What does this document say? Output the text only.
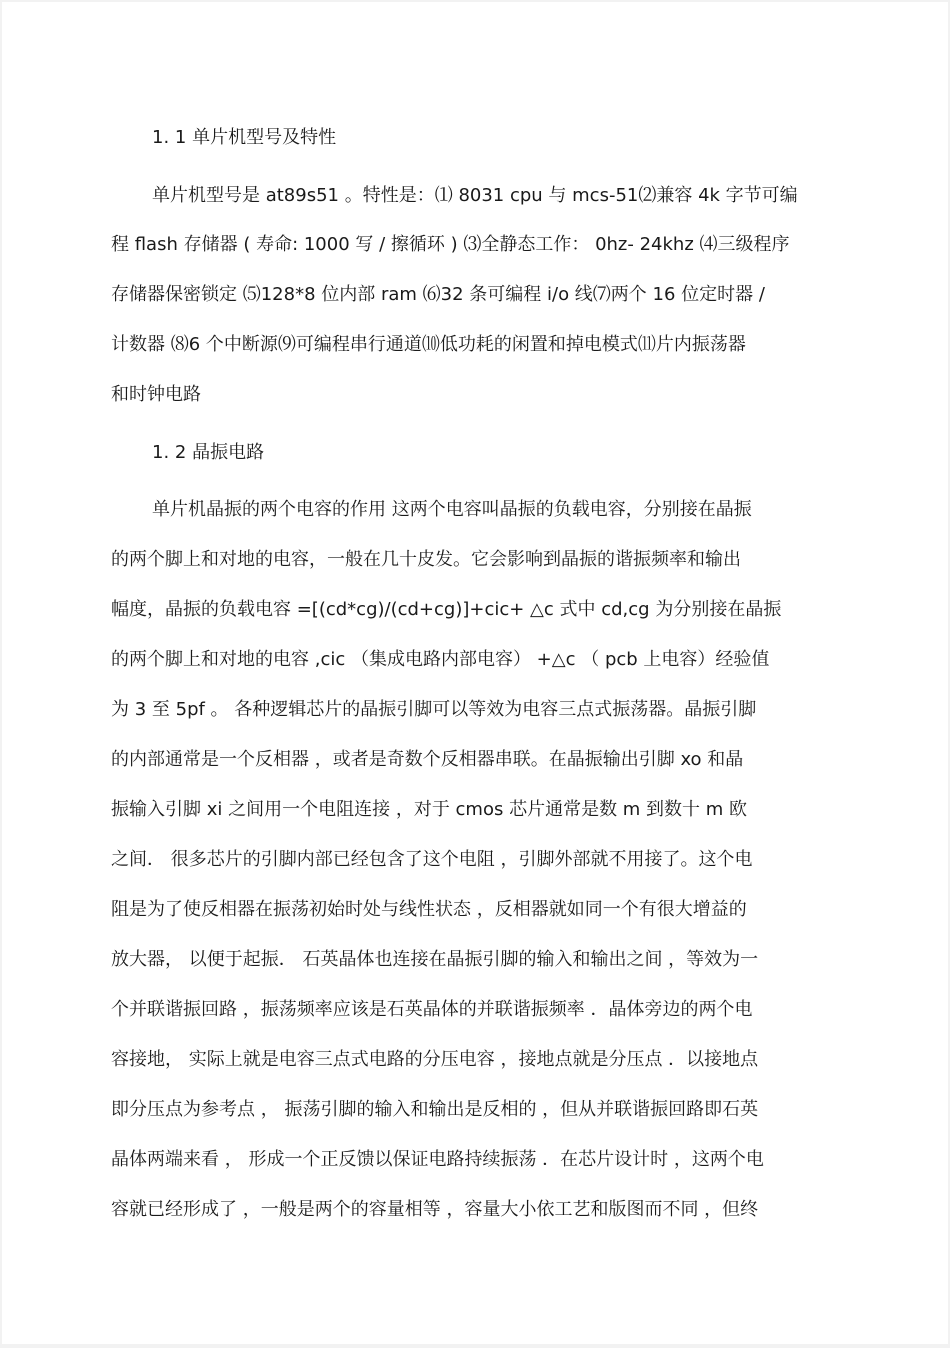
1. 1 单片机型号及特性
单片机型号是 at89s51 。特性是：⑴ 8031 cpu 与 mcs-51⑵兼容 4k 字节可编
程 flash 存储器 ( 寿命: 1000 写 / 擦循环 ) ⑶全静态工作： 0hz- 24khz ⑷三级程序
存储器保密锁定 ⑸128*8 位内部 ram ⑹32 条可编程 i/o 线⑺两个 16 位定时器 /
计数器 ⑻6 个中断源⑼可编程串行通道⑽低功耗的闲置和掉电模式⑾片内振荡器
和时钟电路
1. 2 晶振电路
单片机晶振的两个电容的作用 这两个电容叫晶振的负载电容，分别接在晶振
的两个脚上和对地的电容，一般在几十皮发。它会影响到晶振的谐振频率和输出
幅度，晶振的负载电容 =[(cd*cg)/(cd+cg)]+cic+ △c 式中 cd,cg 为分别接在晶振
的两个脚上和对地的电容 ,cic （集成电路内部电容） +△c （ pcb 上电容）经验值
为 3 至 5pf 。 各种逻辑芯片的晶振引脚可以等效为电容三点式振荡器。晶振引脚
的内部通常是一个反相器 ，或者是奇数个反相器串联。在晶振输出引脚 xo 和晶
振输入引脚 xi 之间用一个电阻连接 ，对于 cmos 芯片通常是数 m 到数十 m 欧
之间． 很多芯片的引脚内部已经包含了这个电阻 ，引脚外部就不用接了。这个电
阻是为了使反相器在振荡初始时处与线性状态 ，反相器就如同一个有很大增益的
放大器， 以便于起振． 石英晶体也连接在晶振引脚的输入和输出之间 ，等效为一
个并联谐振回路 ，振荡频率应该是石英晶体的并联谐振频率 ．晶体旁边的两个电
容接地， 实际上就是电容三点式电路的分压电容 ，接地点就是分压点 ．以接地点
即分压点为参考点 ， 振荡引脚的输入和输出是反相的 ，但从并联谐振回路即石英
晶体两端来看 ， 形成一个正反馈以保证电路持续振荡 ．在芯片设计时 ，这两个电
容就已经形成了 ，一般是两个的容量相等 ，容量大小依工艺和版图而不同 ，但终
